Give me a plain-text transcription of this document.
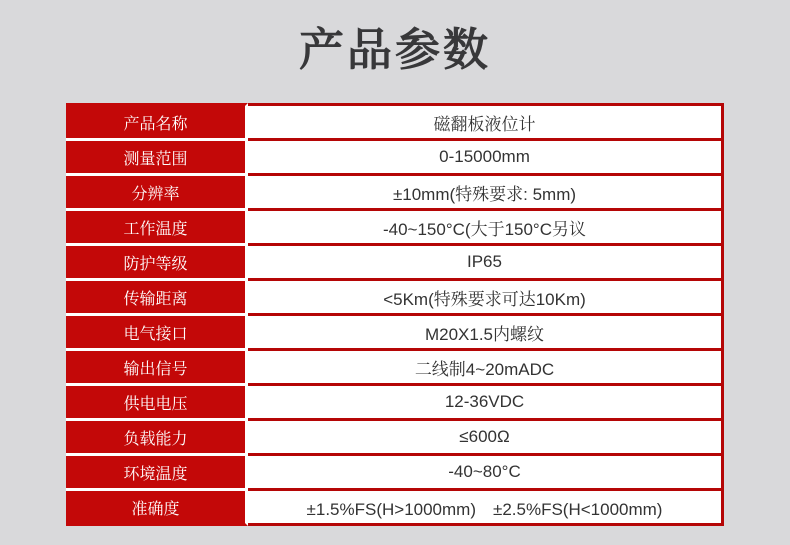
产品参数
产品名称	磁翻板液位计
测量范围	0-15000mm
分辨率	±10mm(特殊要求: 5mm)
工作温度	-40~150°C(大于150°C另议
防护等级	IP65
传输距离	<5Km(特殊要求可达10Km)
电气接口	M20X1.5内螺纹
输出信号	二线制4~20mADC
供电电压	12-36VDC
负载能力	≤600Ω
环境温度	-40~80°C
准确度	±1.5%FS(H>1000mm)　±2.5%FS(H<1000mm)
